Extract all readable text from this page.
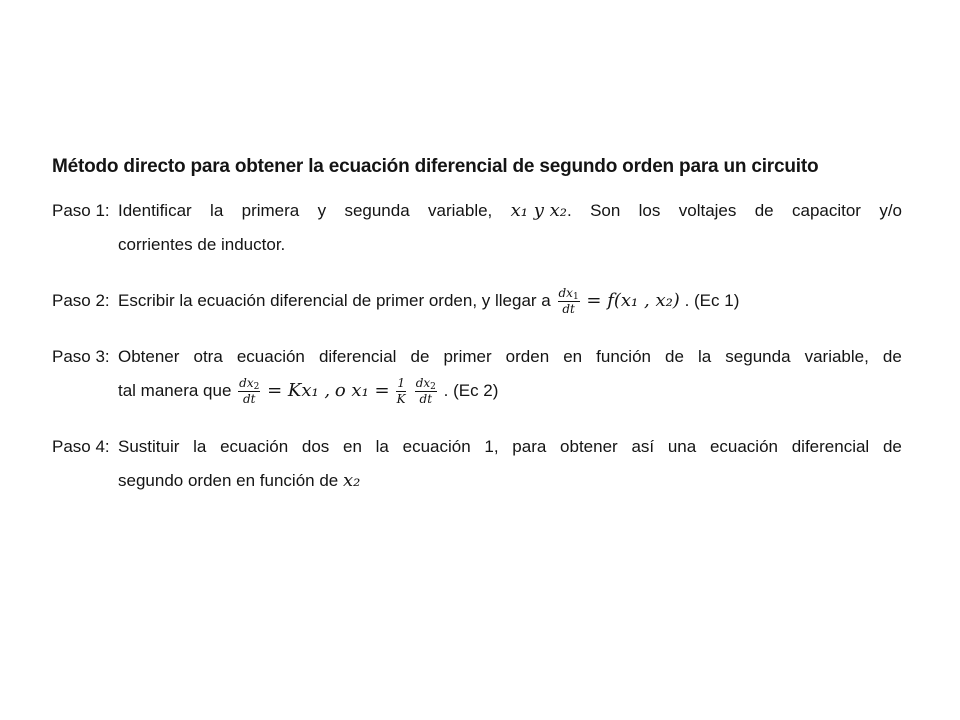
Método directo para obtener la ecuación diferencial de segundo orden para un circuito

Paso 1: Identificar la primera y segunda variable, x₁ y x₂. Son los voltajes de capacitor y/o
corrientes de inductor.
Paso 2: Escribir la ecuación diferencial de primer orden, y llegar a $\frac{dx_1}{dt} = f(x_1$ , x₂) . (Ec 1)
Paso 3: Obtener otra ecuación diferencial de primer orden en función de la segunda variable, de
tal manera que $\frac{dx_2}{dt} = Kx_1$ , o $x_1 = \frac{1}{K}$
$\frac{dx_2}{dt}$ . (Ec 2)
Paso 4: Sustituir la ecuación dos en la ecuación 1, para obtener así una ecuación diferencial de
segundo orden en función de x₂
